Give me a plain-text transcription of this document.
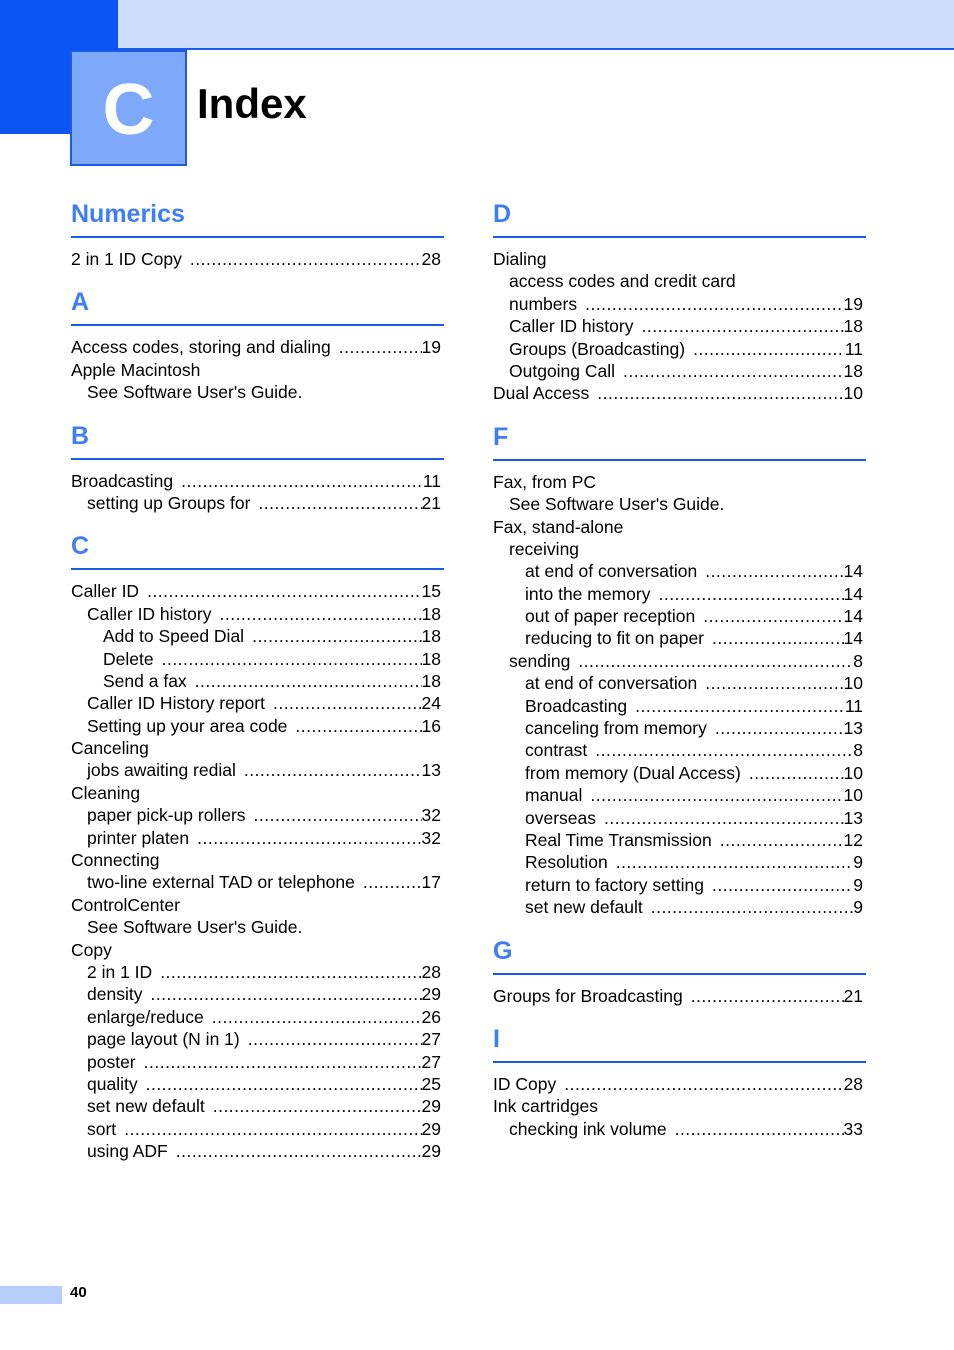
C	Index
Numerics
2 in 1 ID Copy .....	28
A
Access codes, storing and dialing .....	19
Apple Macintosh
See Software User's Guide.
B
Broadcasting .....	11
setting up Groups for .....	21
C
Caller ID .....	15
Caller ID history .....	18
Add to Speed Dial .....	18
Delete .....	18
Send a fax .....	18
Caller ID History report .....	24
Setting up your area code .....	16
Canceling
jobs awaiting redial .....	13
Cleaning
paper pick-up rollers .....	32
printer platen .....	32
Connecting
two-line external TAD or telephone .....	17
ControlCenter
See Software User's Guide.
Copy
2 in 1 ID .....	28
density .....	29
enlarge/reduce .....	26
page layout (N in 1) .....	27
poster .....	27
quality .....	25
set new default .....	29
sort .....	29
using ADF .....	29
D
Dialing
access codes and credit card
numbers .....	19
Caller ID history .....	18
Groups (Broadcasting) .....	11
Outgoing Call .....	18
Dual Access .....	10
F
Fax, from PC
See Software User's Guide.
Fax, stand-alone
receiving
at end of conversation .....	14
into the memory .....	14
out of paper reception .....	14
reducing to fit on paper .....	14
sending .....	8
at end of conversation .....	10
Broadcasting .....	11
canceling from memory .....	13
contrast .....	8
from memory (Dual Access) .....	10
manual .....	10
overseas .....	13
Real Time Transmission .....	12
Resolution .....	9
return to factory setting .....	9
set new default .....	9
G
Groups for Broadcasting .....	21
I
ID Copy .....	28
Ink cartridges
checking ink volume .....	33
40
